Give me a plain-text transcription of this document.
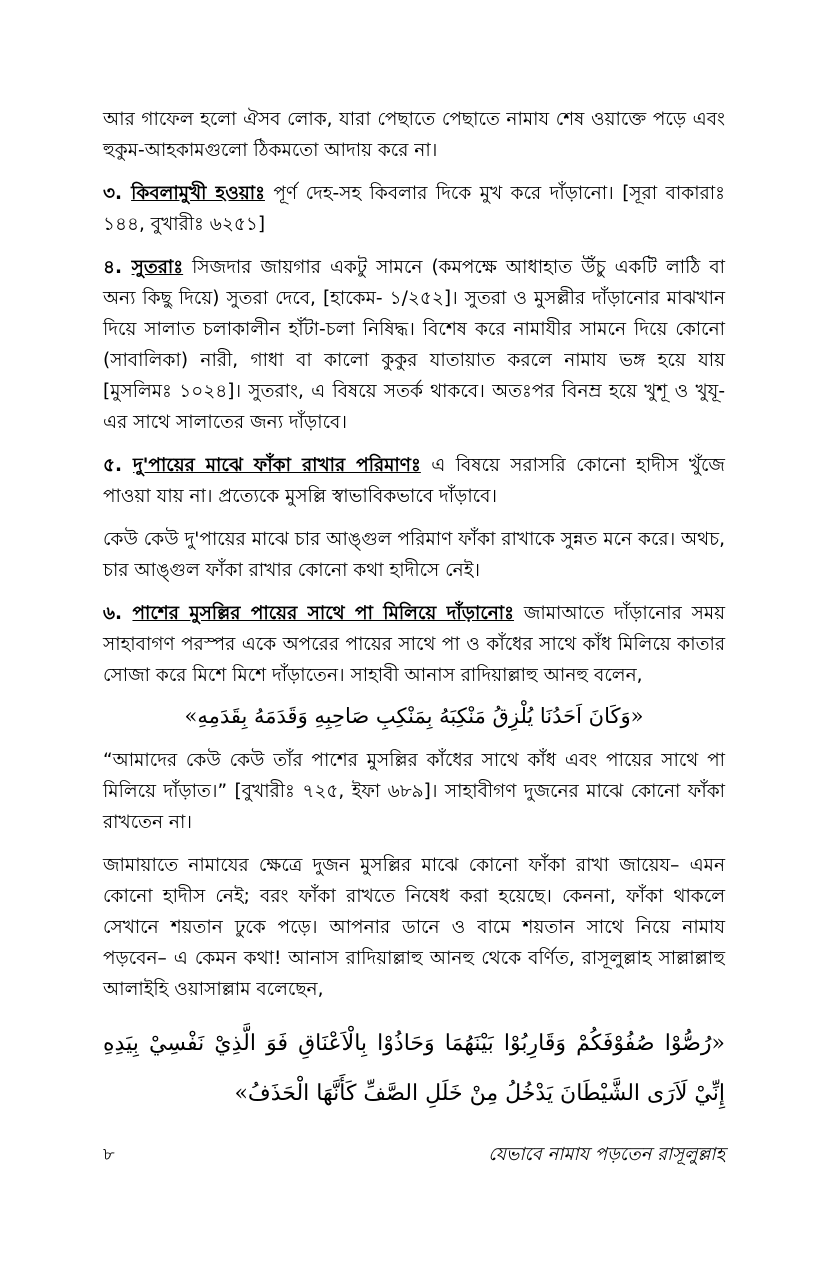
আর গাফেল হলো ঐসব লোক, যারা পেছাতে পেছাতে নামায শেষ ওয়াক্তে পড়ে এবং হুকুম-আহকামগুলো ঠিকমতো আদায় করে না।

৩. কিবলামুখী হওয়াঃ পূর্ণ দেহ-সহ কিবলার দিকে মুখ করে দাঁড়ানো। [সূরা বাকারাঃ ১৪৪, বুখারীঃ ৬২৫১]

৪. সুতরাঃ সিজদার জায়গার একটু সামনে (কমপক্ষে আধাহাত উঁচু একটি লাঠি বা অন্য কিছু দিয়ে) সুতরা দেবে, [হাকেম- ১/২৫২]। সুতরা ও মুসল্লীর দাঁড়ানোর মাঝখান দিয়ে সালাত চলাকালীন হাঁটা-চলা নিষিদ্ধ। বিশেষ করে নামাযীর সামনে দিয়ে কোনো (সাবালিকা) নারী, গাধা বা কালো কুকুর যাতায়াত করলে নামায ভঙ্গ হয়ে যায় [মুসলিমঃ ১০২৪]। সুতরাং, এ বিষয়ে সতর্ক থাকবে। অতঃপর বিনম্র হয়ে খুশূ ও খুযূ-এর সাথে সালাতের জন্য দাঁড়াবে।

৫. দু'পায়ের মাঝে ফাঁকা রাখার পরিমাণঃ এ বিষয়ে সরাসরি কোনো হাদীস খুঁজে পাওয়া যায় না। প্রত্যেকে মুসল্লি স্বাভাবিকভাবে দাঁড়াবে।

কেউ কেউ দু'পায়ের মাঝে চার আঙ্গুল পরিমাণ ফাঁকা রাখাকে সুন্নত মনে করে। অথচ, চার আঙ্গুল ফাঁকা রাখার কোনো কথা হাদীসে নেই।

৬. পাশের মুসল্লির পায়ের সাথে পা মিলিয়ে দাঁড়ানোঃ জামাআতে দাঁড়ানোর সময় সাহাবাগণ পরস্পর একে অপরের পায়ের সাথে পা ও কাঁধের সাথে কাঁধ মিলিয়ে কাতার সোজা করে মিশে মিশে দাঁড়াতেন। সাহাবী আনাস রাদিয়াল্লাহু আনহু বলেন,

«وَكَانَ اَحَدُنَا يُلْزِقُ مَنْكِبَهُ بِمَنْكِبِ صَاحِبِهِ وَقَدَمَهُ بِقَدَمِهِ»

“আমাদের কেউ কেউ তাঁর পাশের মুসল্লির কাঁধের সাথে কাঁধ এবং পায়ের সাথে পা মিলিয়ে দাঁড়াত।” [বুখারীঃ ৭২৫, ইফা ৬৮৯]। সাহাবীগণ দুজনের মাঝে কোনো ফাঁকা রাখতেন না।

জামায়াতে নামাযের ক্ষেত্রে দুজন মুসল্লির মাঝে কোনো ফাঁকা রাখা জায়েয– এমন কোনো হাদীস নেই; বরং ফাঁকা রাখতে নিষেধ করা হয়েছে। কেননা, ফাঁকা থাকলে সেখানে শয়তান ঢুকে পড়ে। আপনার ডানে ও বামে শয়তান সাথে নিয়ে নামায পড়বেন– এ কেমন কথা! আনাস রাদিয়াল্লাহু আনহু থেকে বর্ণিত, রাসূলুল্লাহ সাল্লাল্লাহু আলাইহি ওয়াসাল্লাম বলেছেন,

«رُصُّوْا صُفُوْفَكُمْ وَقَارِبُوْا بَيْنَهُمَا وَحَاذُوْا بِالْاَعْنَاقِ فَوَ الَّذِيْ نَفْسِيْ بِيَدِهِ إِنِّيْ لَاَرَى الشَّيْطَانَ يَدْخُلُ مِنْ خَلَلِ الصَّفِّ كَأَنَّهَا الْحَذَفُ»

৮	যেভাবে নামায পড়তেন রাসূলুল্লাহ
